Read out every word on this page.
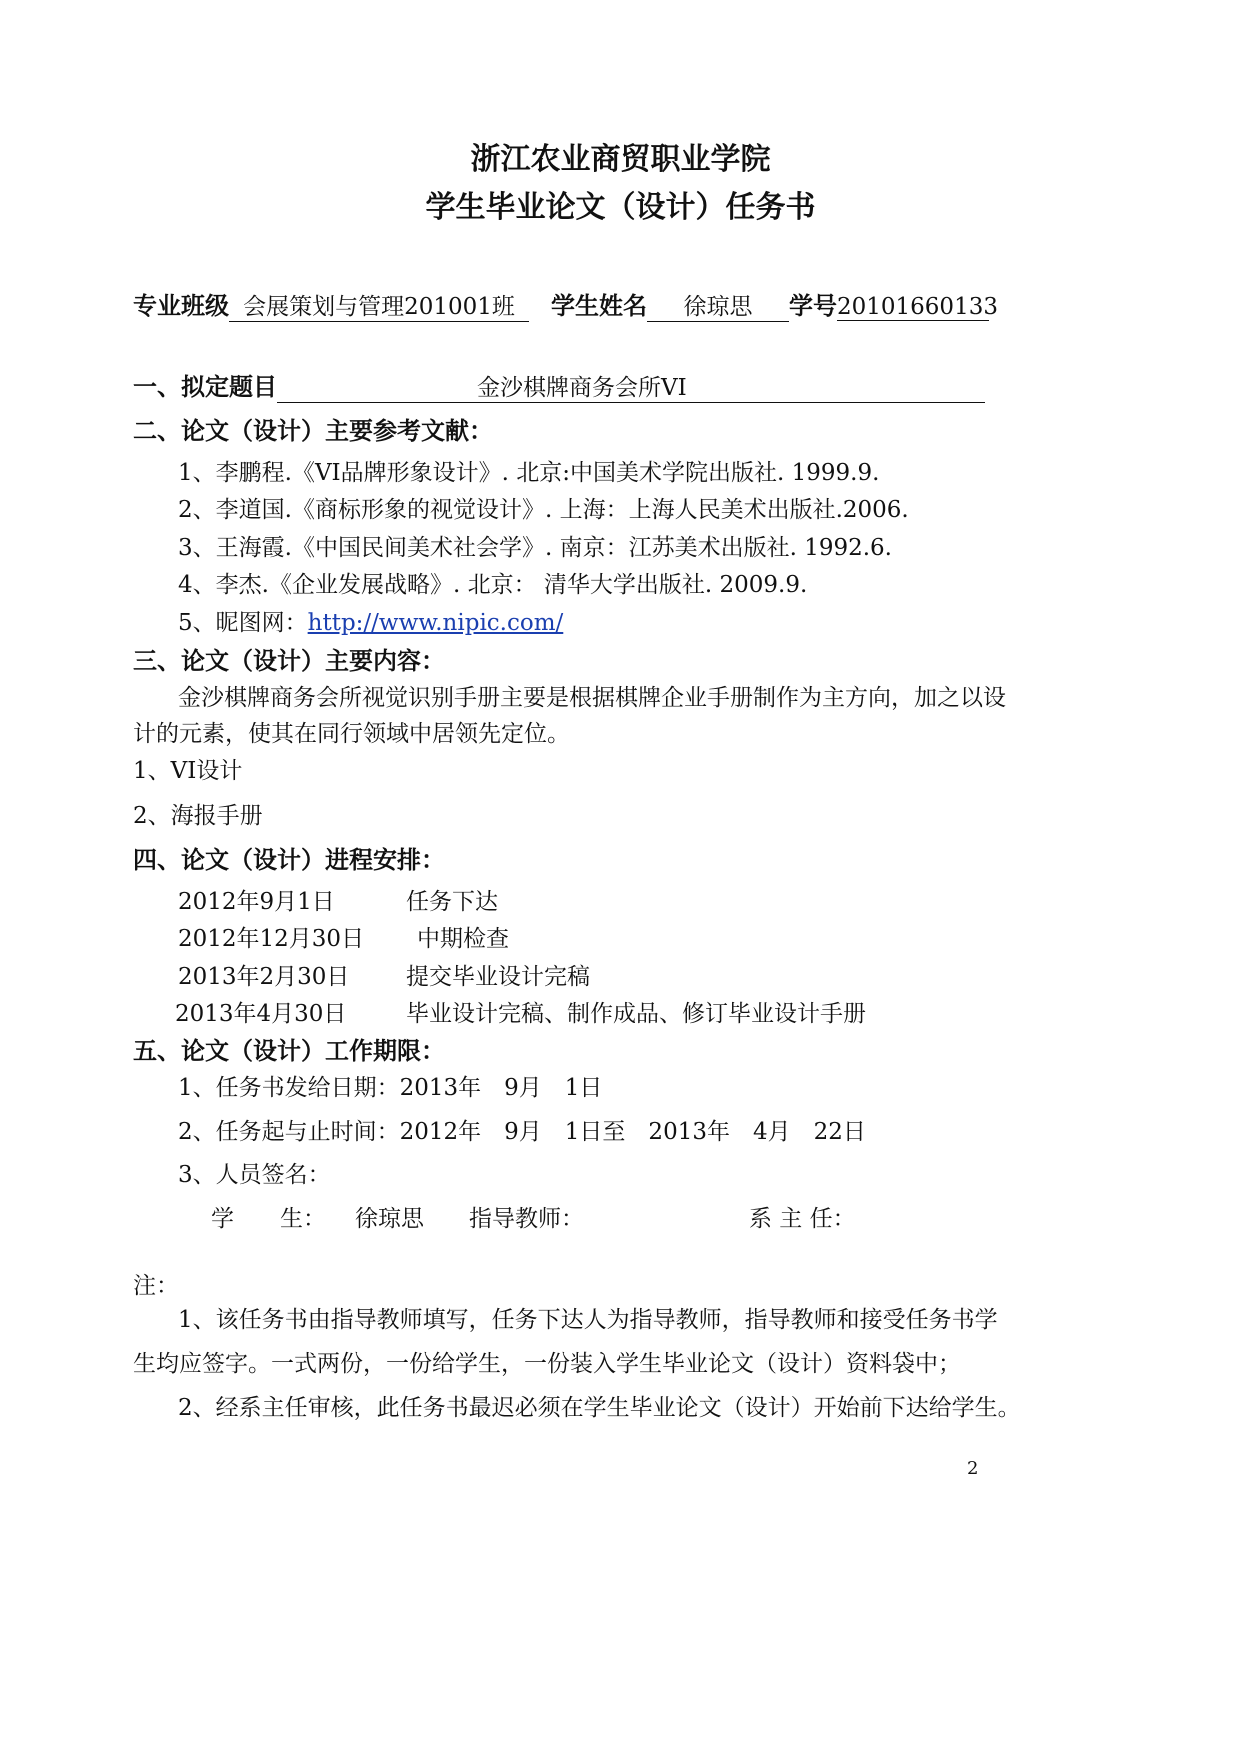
浙江农业商贸职业学院
学生毕业论文（设计）任务书
专业班级 会展策划与管理201001班 学生姓名 徐琼思 学号20101660133
一、拟定题目	金沙棋牌商务会所VI
二、论文（设计）主要参考文献：
1、李鹏程.《VI品牌形象设计》. 北京:中国美术学院出版社. 1999.9.
2、李道国.《商标形象的视觉设计》. 上海：上海人民美术出版社.2006.
3、王海霞.《中国民间美术社会学》. 南京：江苏美术出版社. 1992.6.
4、李杰.《企业发展战略》. 北京： 清华大学出版社. 2009.9.
5、昵图网：http://www.nipic.com/
三、论文（设计）主要内容：
金沙棋牌商务会所视觉识别手册主要是根据棋牌企业手册制作为主方向，加之以设
计的元素，使其在同行领域中居领先定位。
1、VI设计
2、海报手册
四、论文（设计）进程安排：
2012年9月1日	任务下达
2012年12月30日 中期检查
2013年2月30日 提交毕业设计完稿
2013年4月30日	毕业设计完稿、制作成品、修订毕业设计手册
五、论文（设计）工作期限：
1、任务书发给日期：2013年　9月　1日
2、任务起与止时间：2012年　9月　1日至　2013年　4月　22日
3、人员签名：
学　　生： 徐琼思 指导教师：	系 主 任：
注：
1、该任务书由指导教师填写，任务下达人为指导教师，指导教师和接受任务书学
生均应签字。一式两份，一份给学生，一份装入学生毕业论文（设计）资料袋中；
2、经系主任审核，此任务书最迟必须在学生毕业论文（设计）开始前下达给学生。
2
